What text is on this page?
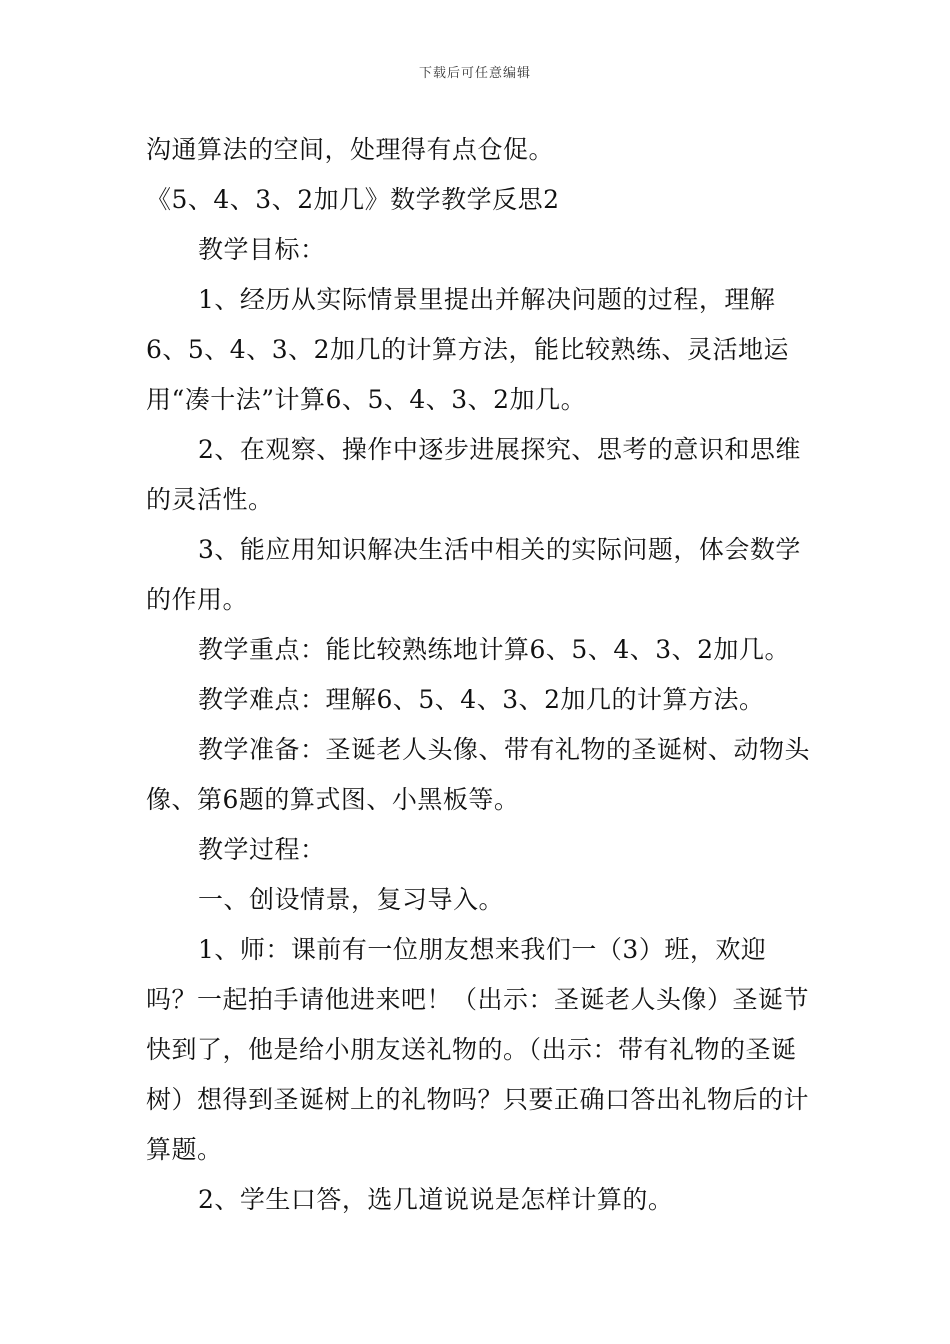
下载后可任意编辑

沟通算法的空间，处理得有点仓促。

《5、4、3、2加几》数学教学反思2

教学目标：

1、经历从实际情景里提出并解决问题的过程，理解6、5、4、3、2加几的计算方法，能比较熟练、灵活地运用“凑十法”计算6、5、4、3、2加几。

2、在观察、操作中逐步进展探究、思考的意识和思维的灵活性。

3、能应用知识解决生活中相关的实际问题，体会数学的作用。

教学重点：能比较熟练地计算6、5、4、3、2加几。

教学难点：理解6、5、4、3、2加几的计算方法。

教学准备：圣诞老人头像、带有礼物的圣诞树、动物头像、第6题的算式图、小黑板等。

教学过程：

一、创设情景，复习导入。

1、师：课前有一位朋友想来我们一（3）班，欢迎吗？一起拍手请他进来吧！（出示：圣诞老人头像）圣诞节快到了，他是给小朋友送礼物的。（出示：带有礼物的圣诞树）想得到圣诞树上的礼物吗？只要正确口答出礼物后的计算题。

2、学生口答，选几道说说是怎样计算的。
